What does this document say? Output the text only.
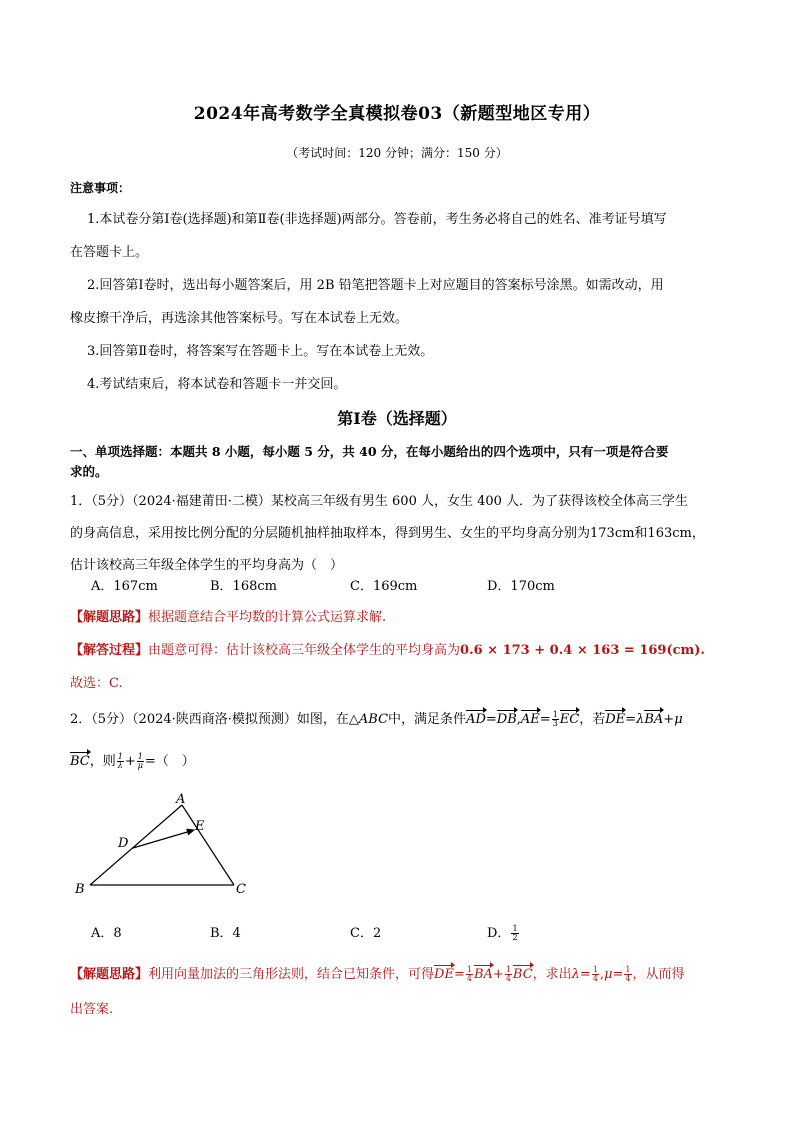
2024年高考数学全真模拟卷03（新题型地区专用）
（考试时间：120 分钟；满分：150 分）
注意事项：
1.本试卷分第Ⅰ卷(选择题)和第Ⅱ卷(非选择题)两部分。答卷前，考生务必将自己的姓名、准考证号填写
在答题卡上。
2.回答第Ⅰ卷时，选出每小题答案后，用 2B 铅笔把答题卡上对应题目的答案标号涂黑。如需改动，用
橡皮擦干净后，再选涂其他答案标号。写在本试卷上无效。
3.回答第Ⅱ卷时，将答案写在答题卡上。写在本试卷上无效。
4.考试结束后，将本试卷和答题卡一并交回。
第Ⅰ卷（选择题）
一、单项选择题：本题共 8 小题，每小题 5 分，共 40 分，在每小题给出的四个选项中，只有一项是符合要
求的。
1．（5分）（2024·福建莆田·二模）某校高三年级有男生 600 人，女生 400 人．为了获得该校全体高三学生
的身高信息，采用按比例分配的分层随机抽样抽取样本，得到男生、女生的平均身高分别为173cm和163cm，
估计该校高三年级全体学生的平均身高为（　）
A．167cm	B．168cm	C．169cm	D．170cm
【解题思路】根据题意结合平均数的计算公式运算求解.
【解答过程】由题意可得：估计该校高三年级全体学生的平均身高为0.6 × 173 + 0.4 × 163 = 169(cm).
故选：C.
2．（5分）（2024·陕西商洛·模拟预测）如图，在△ABC中，满足条件$AD=DB,AE= \frac{1}{3}$ EC，若DE=λBA+μ
BC，则 $\frac{1}{\lambda} + \frac{1}{\mu}$ =（　）
A
B	C
D
E
A．8	B．4	C．2	D． $\frac{1}{2}$
【解题思路】利用向量加法的三角形法则，结合已知条件，可得$DE= \frac{1}{4} BA+ \frac{1}{4}$ BC，求出$\lambda= \frac{1}{4} ,\mu= \frac{1}{4}$ ，从而得
出答案.
